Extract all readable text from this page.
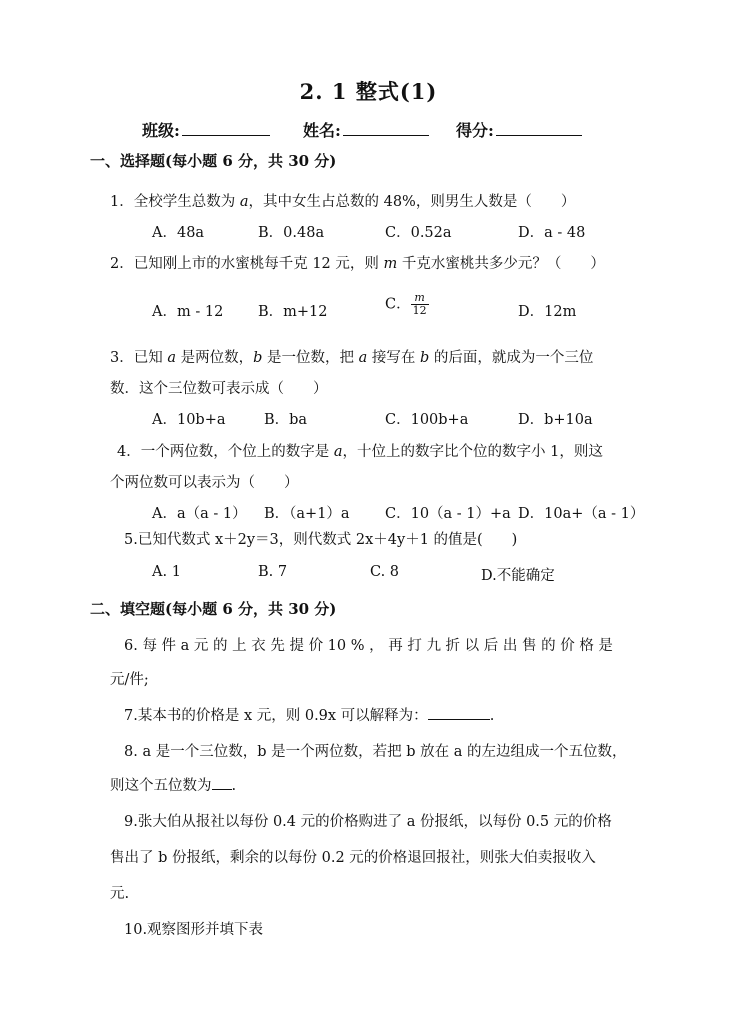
2. 1 整式(1)
班级:	姓名:	得分:
一、选择题(每小题 6 分，共 30 分)
1．全校学生总数为 a，其中女生占总数的 48%，则男生人数是（　　）
A．48a	B．0.48a	C．0.52a	D．a - 48
2．已知刚上市的水蜜桃每千克 12 元，则 m 千克水蜜桃共多少元？（　　）
A．m - 12 B．m+12	C． $\frac{m}{12}$	D．12m
3．已知 a 是两位数，b 是一位数，把 a 接写在 b 的后面，就成为一个三位
数．这个三位数可表示成（　　）
A．10b+a	B．ba	C．100b+a	D．b+10a
4．一个两位数，个位上的数字是 a，十位上的数字比个位的数字小 1，则这
个两位数可以表示为（　　）
A．a（a - 1） B．（a+1）a C．10（a - 1）+a D．10a+（a - 1）
5.已知代数式 x＋2y＝3，则代数式 2x＋4y＋1 的值是(　　)
A. 1	B. 7	C. 8	D.不能确定
二、填空题(每小题 6 分，共 30 分)
6. 每 件 a 元 的 上 衣 先 提 价 10 % ， 再 打 九 折 以 后 出 售 的 价 格 是
元/件;
7.某本书的价格是 x 元，则 0.9x 可以解释为：	.
8. a 是一个三位数，b 是一个两位数，若把 b 放在 a 的左边组成一个五位数，
则这个五位数为 .
9.张大伯从报社以每份 0.4 元的价格购进了 a 份报纸，以每份 0.5 元的价格
售出了 b 份报纸，剩余的以每份 0.2 元的价格退回报社，则张大伯卖报收入
元.
10.观察图形并填下表
